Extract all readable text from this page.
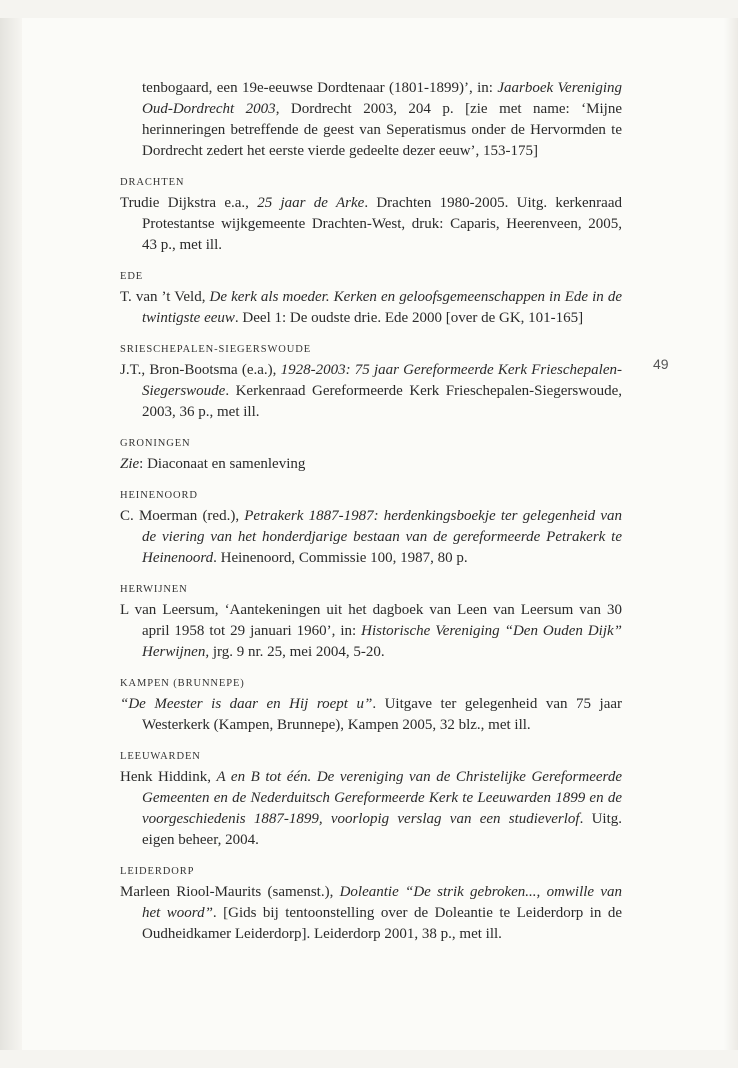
49

tenbogaard, een 19e-eeuwse Dordtenaar (1801-1899)’, in: Jaarboek Vereniging Oud-Dordrecht 2003, Dordrecht 2003, 204 p. [zie met name: ‘Mijne herinneringen betreffende de geest van Seperatismus onder de Hervormden te Dordrecht zedert het eerste vierde gedeelte dezer eeuw’, 153-175]

DRACHTEN

Trudie Dijkstra e.a., 25 jaar de Arke. Drachten 1980-2005. Uitg. kerkenraad Protestantse wijkgemeente Drachten-West, druk: Caparis, Heerenveen, 2005, 43 p., met ill.

EDE

T. van ’t Veld, De kerk als moeder. Kerken en geloofsgemeenschappen in Ede in de twintigste eeuw. Deel 1: De oudste drie. Ede 2000 [over de GK, 101-165]

SRIESCHEPALEN-SIEGERSWOUDE

J.T., Bron-Bootsma (e.a.), 1928-2003: 75 jaar Gereformeerde Kerk Frieschepalen-Siegerswoude. Kerkenraad Gereformeerde Kerk Frieschepalen-Siegerswoude, 2003, 36 p., met ill.

GRONINGEN

Zie: Diaconaat en samenleving

HEINENOORD

C. Moerman (red.), Petrakerk 1887-1987: herdenkingsboekje ter gelegenheid van de viering van het honderdjarige bestaan van de gereformeerde Petrakerk te Heinenoord. Heinenoord, Commissie 100, 1987, 80 p.

HERWIJNEN

L van Leersum, ‘Aantekeningen uit het dagboek van Leen van Leersum van 30 april 1958 tot 29 januari 1960’, in: Historische Vereniging “Den Ouden Dijk” Herwijnen, jrg. 9 nr. 25, mei 2004, 5-20.

KAMPEN (BRUNNEPE)

“De Meester is daar en Hij roept u”. Uitgave ter gelegenheid van 75 jaar Westerkerk (Kampen, Brunnepe), Kampen 2005, 32 blz., met ill.

LEEUWARDEN

Henk Hiddink, A en B tot één. De vereniging van de Christelijke Gereformeerde Gemeenten en de Nederduitsch Gereformeerde Kerk te Leeuwarden 1899 en de voorgeschiedenis 1887-1899, voorlopig verslag van een studieverlof. Uitg. eigen beheer, 2004.

LEIDERDORP

Marleen Riool-Maurits (samenst.), Doleantie “De strik gebroken..., omwille van het woord”. [Gids bij tentoonstelling over de Doleantie te Leiderdorp in de Oudheidkamer Leiderdorp]. Leiderdorp 2001, 38 p., met ill.
